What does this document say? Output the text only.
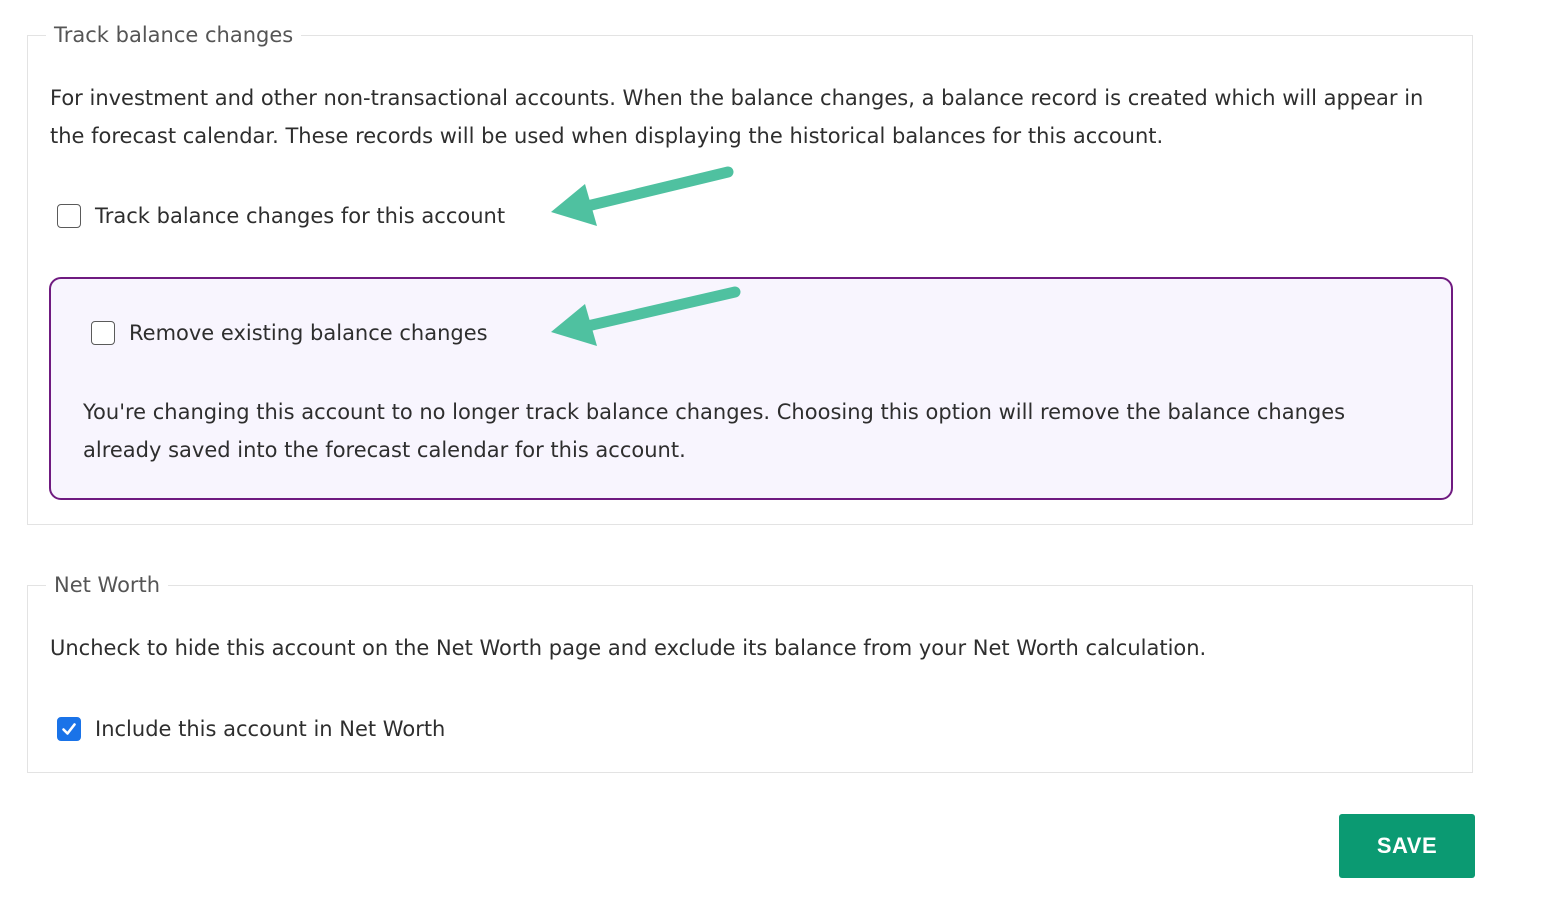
Track balance changes
For investment and other non-transactional accounts. When the balance changes, a balance record is created which will appear in the forecast calendar. These records will be used when displaying the historical balances for this account.
Track balance changes for this account
Remove existing balance changes
You're changing this account to no longer track balance changes. Choosing this option will remove the balance changes already saved into the forecast calendar for this account.
Net Worth
Uncheck to hide this account on the Net Worth page and exclude its balance from your Net Worth calculation.
Include this account in Net Worth
SAVE
